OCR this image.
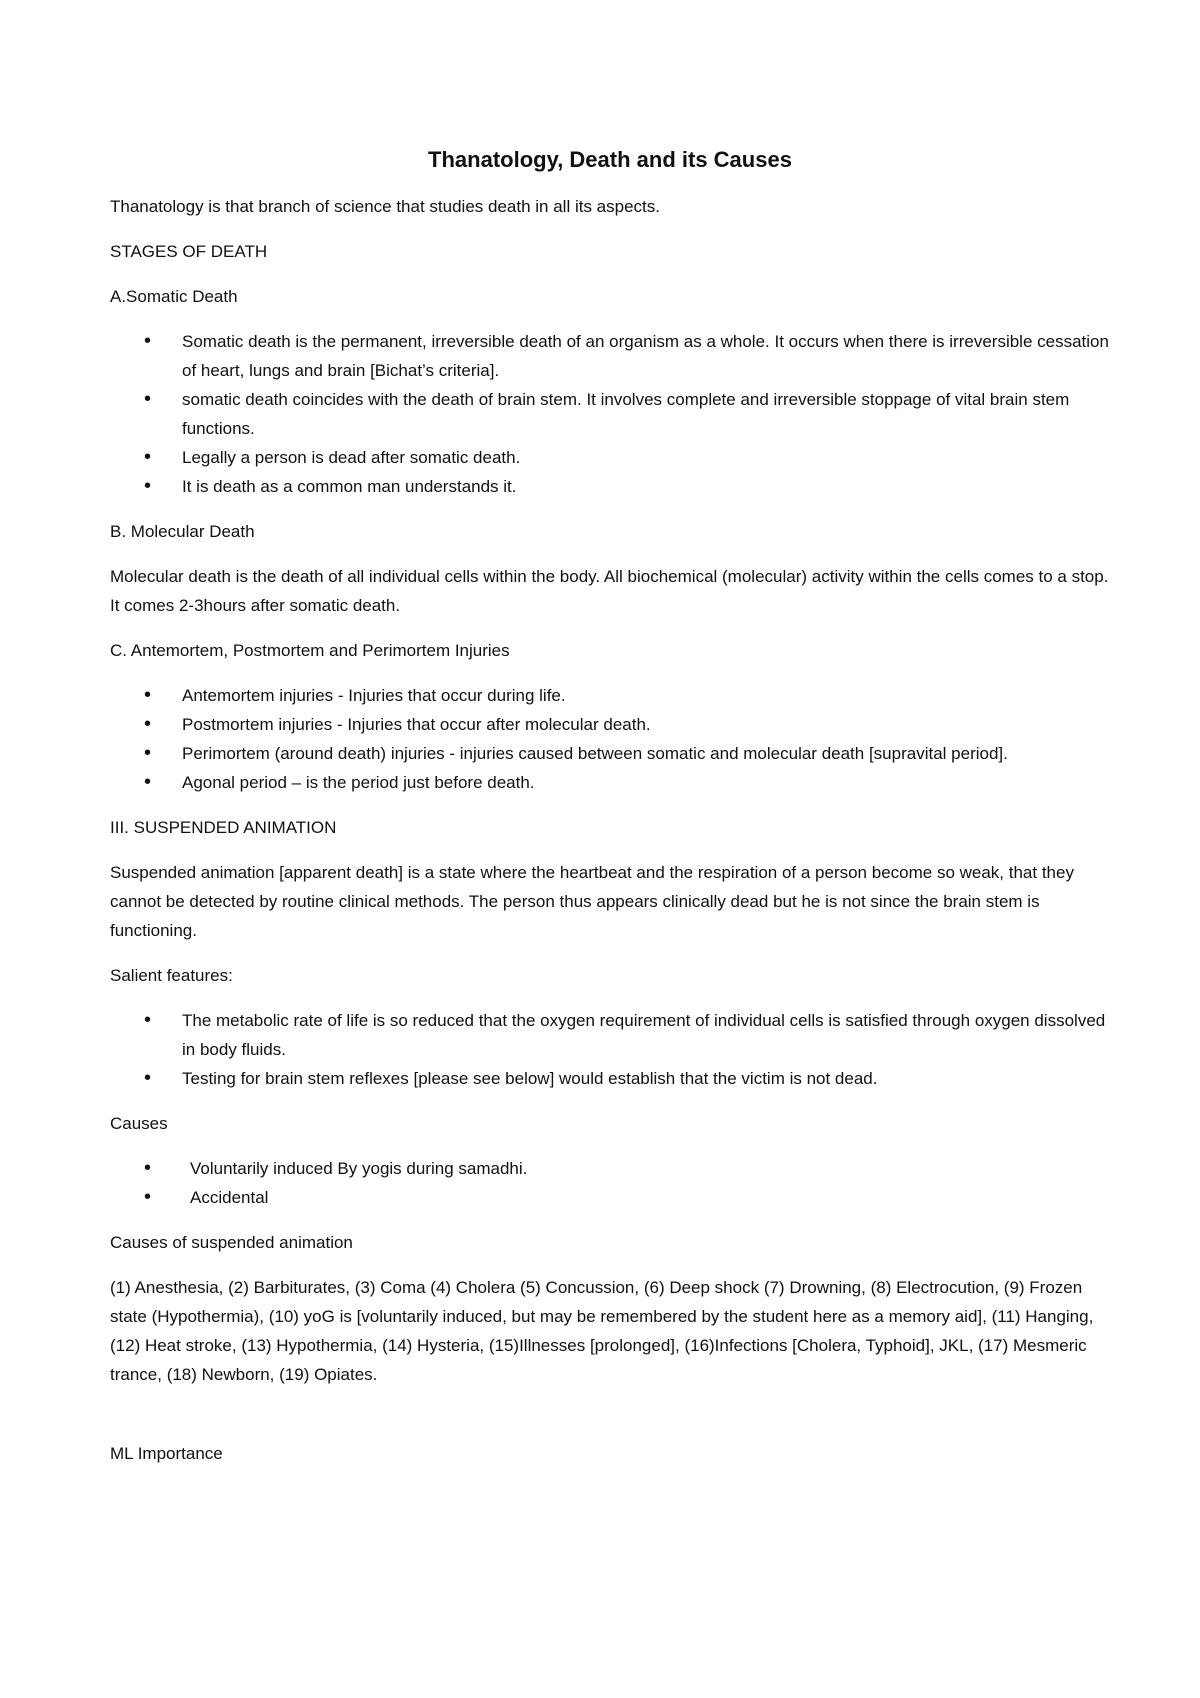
Thanatology, Death and its Causes

Thanatology is that branch of science that studies death in all its aspects.

STAGES OF DEATH

A.Somatic Death

• Somatic death is the permanent, irreversible death of an organism as a whole. It occurs when there is irreversible cessation of heart, lungs and brain [Bichat’s criteria].
• somatic death coincides with the death of brain stem. It involves complete and irreversible stoppage of vital brain stem functions.
• Legally a person is dead after somatic death.
• It is death as a common man understands it.

B. Molecular Death

Molecular death is the death of all individual cells within the body. All biochemical (molecular) activity within the cells comes to a stop. It comes 2-3hours after somatic death.

C. Antemortem, Postmortem and Perimortem Injuries

• Antemortem injuries - Injuries that occur during life.
• Postmortem injuries - Injuries that occur after molecular death.
• Perimortem (around death) injuries - injuries caused between somatic and molecular death [supravital period].
• Agonal period – is the period just before death.

III. SUSPENDED ANIMATION

Suspended animation [apparent death] is a state where the heartbeat and the respiration of a person become so weak, that they cannot be detected by routine clinical methods. The person thus appears clinically dead but he is not since the brain stem is functioning.

Salient features:

• The metabolic rate of life is so reduced that the oxygen requirement of individual cells is satisfied through oxygen dissolved in body fluids.
• Testing for brain stem reflexes [please see below] would establish that the victim is not dead.

Causes

• Voluntarily induced By yogis during samadhi.
• Accidental

Causes of suspended animation

(1) Anesthesia, (2) Barbiturates, (3) Coma (4) Cholera (5) Concussion, (6) Deep shock (7) Drowning, (8) Electrocution, (9) Frozen state (Hypothermia), (10) yoG is [voluntarily induced, but may be remembered by the student here as a memory aid], (11) Hanging, (12) Heat stroke, (13) Hypothermia, (14) Hysteria, (15)Illnesses [prolonged], (16)Infections [Cholera, Typhoid], JKL, (17) Mesmeric trance, (18) Newborn, (19) Opiates.

ML Importance
